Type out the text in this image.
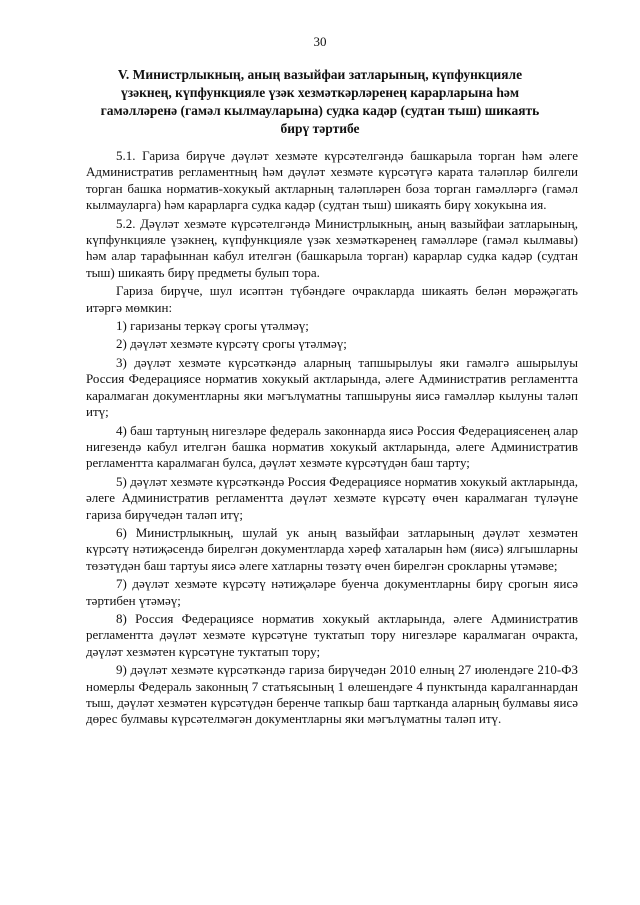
30
V. Министрлыкның, аның вазыйфаи затларының, күпфункцияле үзәкнең, күпфункцияле үзәк хезмәткәрләренең карарларына һәм гамәлләренә (гамәл кылмауларына) судка кадәр (судтан тыш) шикаять бирү тәртибе

5.1. Гариза бирүче дәүләт хезмәте күрсәтелгәндә башкарыла торган һәм әлеге Административ регламентның һәм дәүләт хезмәте күрсәтүгә карата таләпләр билгели торган башка норматив-хокукый актларның таләпләрен боза торган гамәлләргә (гамәл кылмауларга) һәм карарларга судка кадәр (судтан тыш) шикаять бирү хокукына ия.

5.2. Дәүләт хезмәте күрсәтелгәндә Министрлыкның, аның вазыйфаи затларының, күпфункцияле үзәкнең, күпфункцияле үзәк хезмәткәренең гамәлләре (гамәл кылмавы) һәм алар тарафыннан кабул ителгән (башкарыла торган) карарлар судка кадәр (судтан тыш) шикаять бирү предметы булып тора.

Гариза бирүче, шул исәптән түбәндәге очракларда шикаять белән мөрәҗәгать итәргә мөмкин:

1) гаризаны теркәү срогы үтәлмәү;

2) дәүләт хезмәте күрсәтү срогы үтәлмәү;

3) дәүләт хезмәте күрсәткәндә аларның тапшырылуы яки гамәлгә ашырылуы Россия Федерациясе норматив хокукый актларында, әлеге Административ регламентта каралмаган документларны яки мәгълүматны тапшыруны яисә гамәлләр кылуны таләп итү;

4) баш тартуның нигезләре федераль законнарда яисә Россия Федерациясенең алар нигезендә кабул ителгән башка норматив хокукый актларында, әлеге Административ регламентта каралмаган булса, дәүләт хезмәте күрсәтүдән баш тарту;

5) дәүләт хезмәте күрсәткәндә Россия Федерациясе норматив хокукый актларында, әлеге Административ регламентта дәүләт хезмәте күрсәтү өчен каралмаган түләүне гариза бирүчедән таләп итү;

6) Министрлыкның, шулай ук аның вазыйфаи затларының дәүләт хезмәтен күрсәтү нәтиҗәсендә бирелгән документларда хәреф хаталарын һәм (яисә) ялгышларны төзәтүдән баш тартуы яисә әлеге хатларны төзәтү өчен бирелгән срокларны үтәмәве;

7) дәүләт хезмәте күрсәтү нәтиҗәләре буенча документларны бирү срогын яисә тәртибен үтәмәү;

8) Россия Федерациясе норматив хокукый актларында, әлеге Административ регламентта дәүләт хезмәте күрсәтүне туктатып тору нигезләре каралмаган очракта, дәүләт хезмәтен күрсәтүне туктатып тору;

9) дәүләт хезмәте күрсәткәндә гариза бирүчедән 2010 елның 27 июлендәге 210-ФЗ номерлы Федераль законның 7 статьясының 1 өлешендәге 4 пунктында каралганнардан тыш, дәүләт хезмәтен күрсәтүдән беренче тапкыр баш тартканда аларның булмавы яисә дөрес булмавы күрсәтелмәгән документларны яки мәгълүматны таләп итү.
